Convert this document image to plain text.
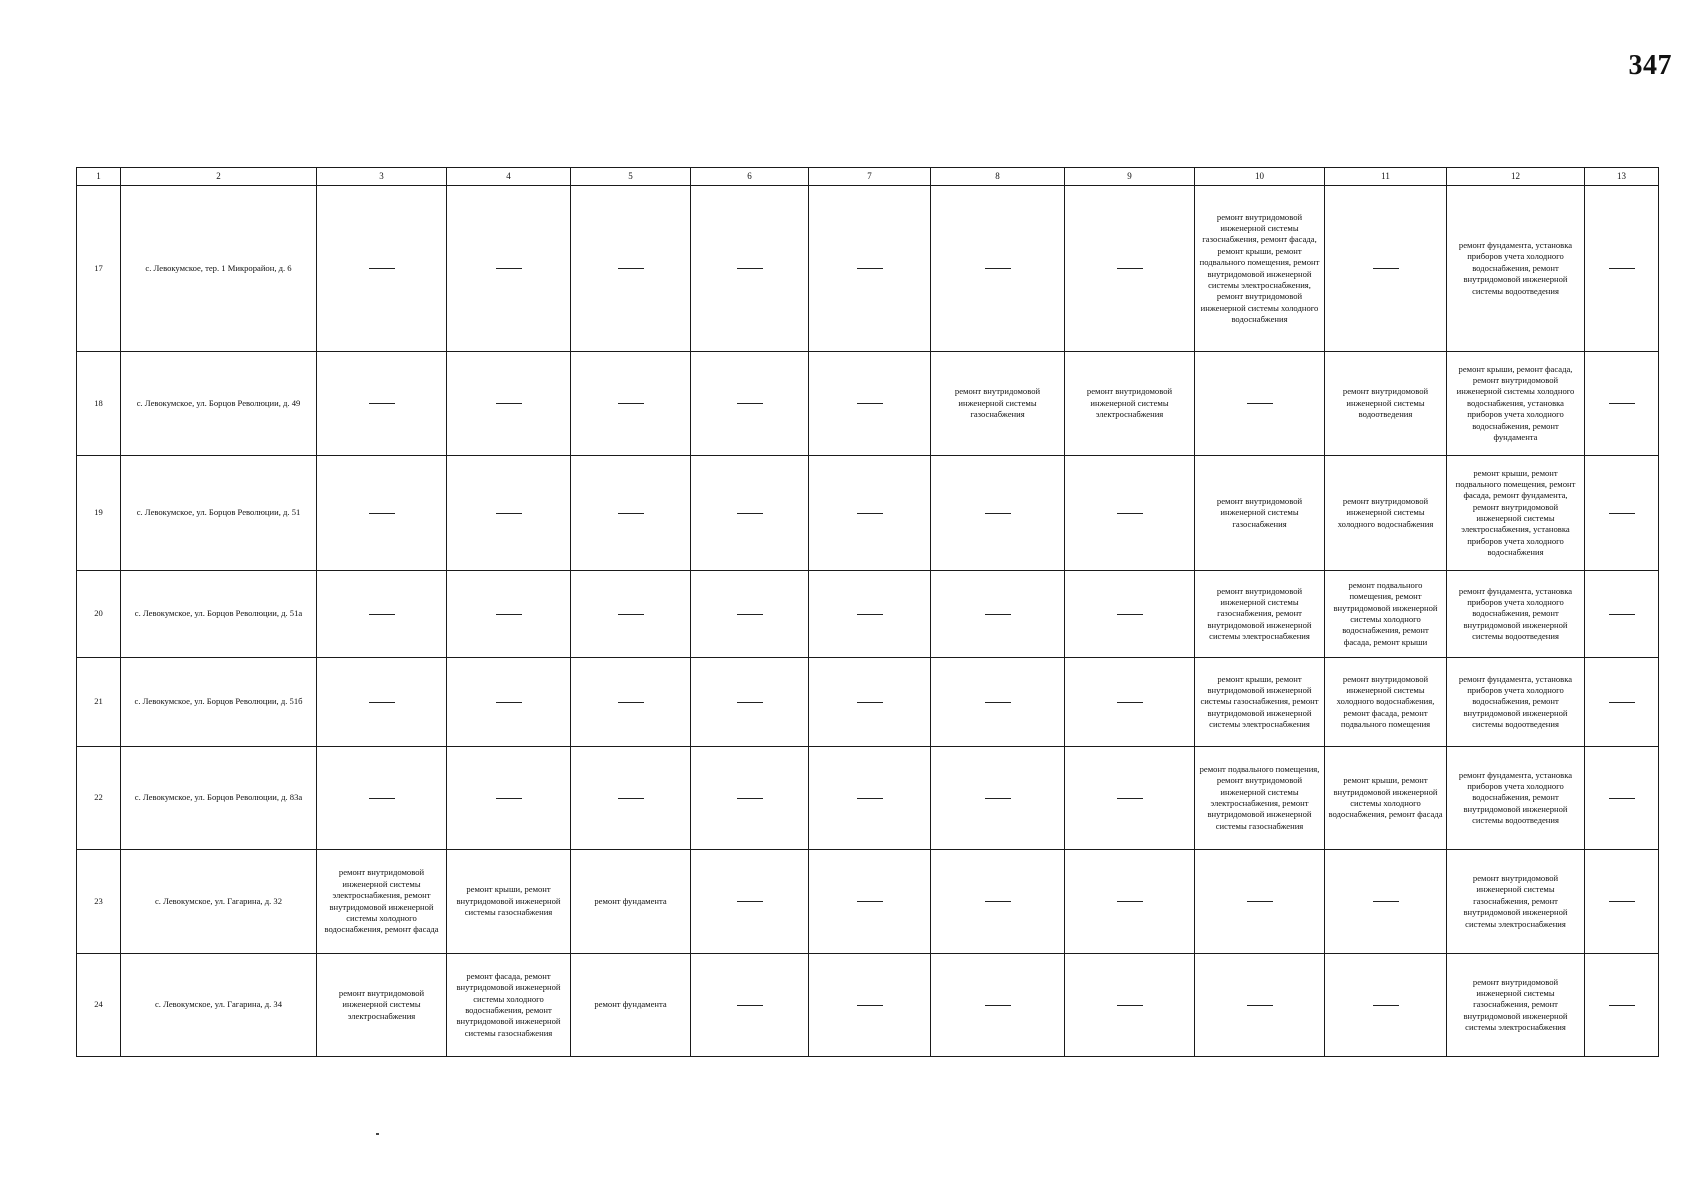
347
1	2	3	4	5	6	7	8	9	10	11	12	13
17	с. Левокумское, тер. 1 Микрорайон, д. 6								ремонт внутридомовой инженерной системы газоснабжения, ремонт фасада, ремонт крыши, ремонт подвального помещения, ремонт внутридомовой инженерной системы электроснабжения, ремонт внутридомовой инженерной системы холодного водоснабжения		ремонт фундамента, установка приборов учета холодного водоснабжения, ремонт внутридомовой инженерной системы водоотведения	
18	с. Левокумское, ул. Борцов Революции, д. 49						ремонт внутридомовой инженерной системы газоснабжения	ремонт внутридомовой инженерной системы электроснабжения		ремонт внутридомовой инженерной системы водоотведения	ремонт крыши, ремонт фасада, ремонт внутридомовой инженерной системы холодного водоснабжения, установка приборов учета холодного водоснабжения, ремонт фундамента	
19	с. Левокумское, ул. Борцов Революции, д. 51								ремонт внутридомовой инженерной системы газоснабжения	ремонт внутридомовой инженерной системы холодного водоснабжения	ремонт крыши, ремонт подвального помещения, ремонт фасада, ремонт фундамента, ремонт внутридомовой инженерной системы электроснабжения, установка приборов учета холодного водоснабжения	
20	с. Левокумское, ул. Борцов Революции, д. 51а								ремонт внутридомовой инженерной системы газоснабжения, ремонт внутридомовой инженерной системы электроснабжения	ремонт подвального помещения, ремонт внутридомовой инженерной системы холодного водоснабжения, ремонт фасада, ремонт крыши	ремонт фундамента, установка приборов учета холодного водоснабжения, ремонт внутридомовой инженерной системы водоотведения	
21	с. Левокумское, ул. Борцов Революции, д. 51б								ремонт крыши, ремонт внутридомовой инженерной системы газоснабжения, ремонт внутридомовой инженерной системы электроснабжения	ремонт внутридомовой инженерной системы холодного водоснабжения, ремонт фасада, ремонт подвального помещения	ремонт фундамента, установка приборов учета холодного водоснабжения, ремонт внутридомовой инженерной системы водоотведения	
22	с. Левокумское, ул. Борцов Революции, д. 83а								ремонт подвального помещения, ремонт внутридомовой инженерной системы электроснабжения, ремонт внутридомовой инженерной системы газоснабжения	ремонт крыши, ремонт внутридомовой инженерной системы холодного водоснабжения, ремонт фасада	ремонт фундамента, установка приборов учета холодного водоснабжения, ремонт внутридомовой инженерной системы водоотведения	
23	с. Левокумское, ул. Гагарина, д. 32	ремонт внутридомовой инженерной системы электроснабжения, ремонт внутридомовой инженерной системы холодного водоснабжения, ремонт фасада	ремонт крыши, ремонт внутридомовой инженерной системы газоснабжения	ремонт фундамента							ремонт внутридомовой инженерной системы газоснабжения, ремонт внутридомовой инженерной системы электроснабжения	
24	с. Левокумское, ул. Гагарина, д. 34	ремонт внутридомовой инженерной системы электроснабжения	ремонт фасада, ремонт внутридомовой инженерной системы холодного водоснабжения, ремонт внутридомовой инженерной системы газоснабжения	ремонт фундамента							ремонт внутридомовой инженерной системы газоснабжения, ремонт внутридомовой инженерной системы электроснабжения	
